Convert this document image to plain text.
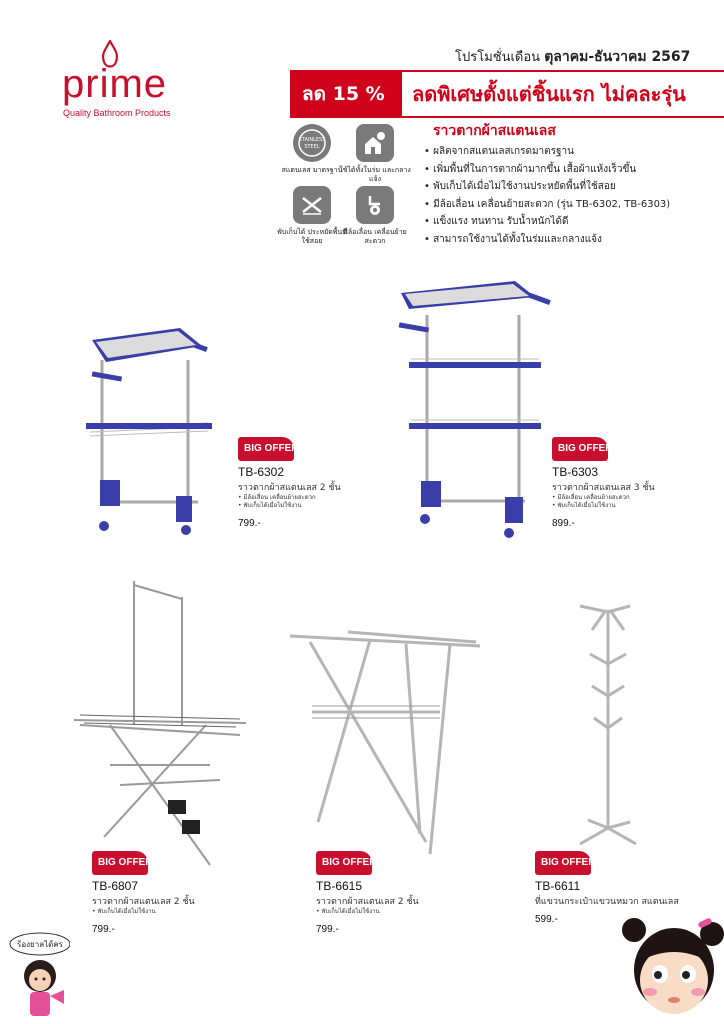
prime
Quality Bathroom Products
โปรโมชั่นเดือน ตุลาคม-ธันวาคม 2567
ลด 15 %	ลดพิเศษตั้งแต่ชิ้นแรก ไม่คละรุ่น
STAINLESS
STEEL
สแตนเลส มาตรฐาน
ใช้ได้ทั้งในร่ม และกลางแจ้ง
พับเก็บได้ ประหยัดพื้นที่ใช้สอย
มีล้อเลื่อน เคลื่อนย้ายสะดวก
ราวตากผ้าสแตนเลส
• ผลิตจากสแตนเลสเกรดมาตรฐาน
• เพิ่มพื้นที่ในการตากผ้ามากขึ้น เสื้อผ้าแห้งเร็วขึ้น
• พับเก็บได้เมื่อไม่ใช้งานประหยัดพื้นที่ใช้สอย
• มีล้อเลื่อน เคลื่อนย้ายสะดวก (รุ่น TB-6302, TB-6303)
• แข็งแรง ทนทาน รับน้ำหนักได้ดี
• สามารถใช้งานได้ทั้งในร่มและกลางแจ้ง
BIG OFFERS
TB-6302
ราวตากผ้าสแตนเลส 2 ชั้น
• มีล้อเลื่อน เคลื่อนย้ายสะดวก
• พับเก็บได้เมื่อไม่ใช้งาน
799.-
BIG OFFERS
TB-6303
ราวตากผ้าสแตนเลส 3 ชั้น
• มีล้อเลื่อน เคลื่อนย้ายสะดวก
• พับเก็บได้เมื่อไม่ใช้งาน
899.-
BIG OFFERS
TB-6807
ราวตากผ้าสแตนเลส 2 ชั้น
• พับเก็บได้เมื่อไม่ใช้งาน
799.-
BIG OFFERS
TB-6615
ราวตากผ้าสแตนเลส 2 ชั้น
• พับเก็บได้เมื่อไม่ใช้งาน
799.-
BIG OFFERS
TB-6611
ที่แขวนกระเป๋าแขวนหมวก สแตนเลส
599.-
ร้องยาลได้คร
